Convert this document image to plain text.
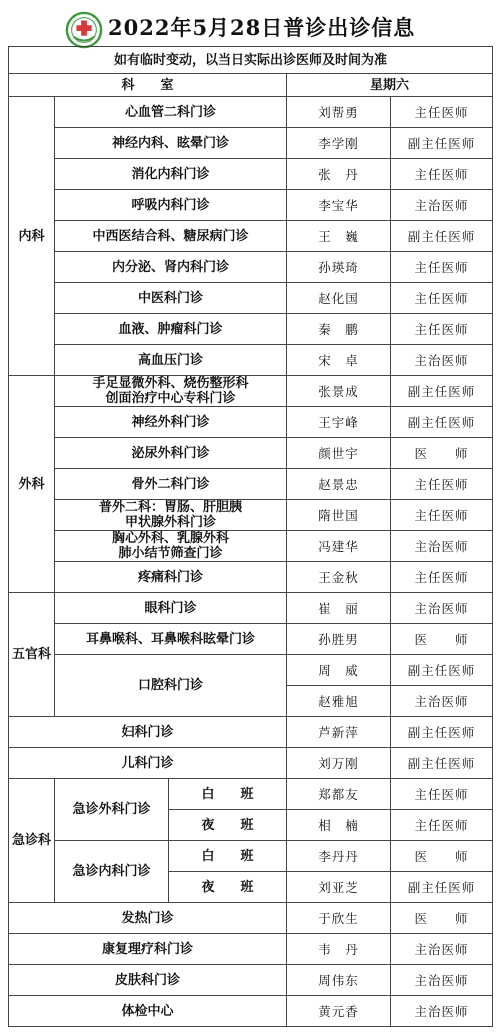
2022年5月28日普诊出诊信息
如有临时变动，以当日实际出诊医师及时间为准				
科　　室			星期六	
内科	心血管二科门诊		刘帮勇	主任医师
	神经内科、眩晕门诊		李学刚	副主任医师
	消化内科门诊		张　丹	主任医师
	呼吸内科门诊		李宝华	主治医师
	中西医结合科、糖尿病门诊		王　巍	副主任医师
	内分泌、肾内科门诊		孙瑛琦	主任医师
	中医科门诊		赵化国	主任医师
	血液、肿瘤科门诊		秦　鹏	主任医师
	高血压门诊		宋　卓	主治医师
外科	手足显微外科、烧伤整形科
创面治疗中心专科门诊		张景成	副主任医师
	神经外科门诊		王宇峰	副主任医师
	泌尿外科门诊		颜世宇	医　　师
	骨外二科门诊		赵景忠	主任医师

	普外二科：胃肠、肝胆胰
甲状腺外科门诊		隋世国	主任医师

	胸心外科、乳腺外科
肺小结节筛查门诊		冯建华	主治医师
	疼痛科门诊		王金秋	主任医师
五官科	眼科门诊		崔　丽	主治医师
	耳鼻喉科、耳鼻喉科眩晕门诊		孙胜男	医　　师
	口腔科门诊		周　威	副主任医师
			赵雅旭	主治医师
妇科门诊			芦新萍	副主任医师
儿科门诊			刘万刚	副主任医师
急诊科	急诊外科门诊	白　　班	郑都友	主任医师
		夜　　班	相　楠	主任医师
	急诊内科门诊	白　　班	李丹丹	医　　师
		夜　　班	刘亚芝	副主任医师
发热门诊			于欣生	医　　师
康复理疗科门诊			韦　丹	主治医师
皮肤科门诊			周伟东	主治医师
体检中心			黄元香	主治医师
